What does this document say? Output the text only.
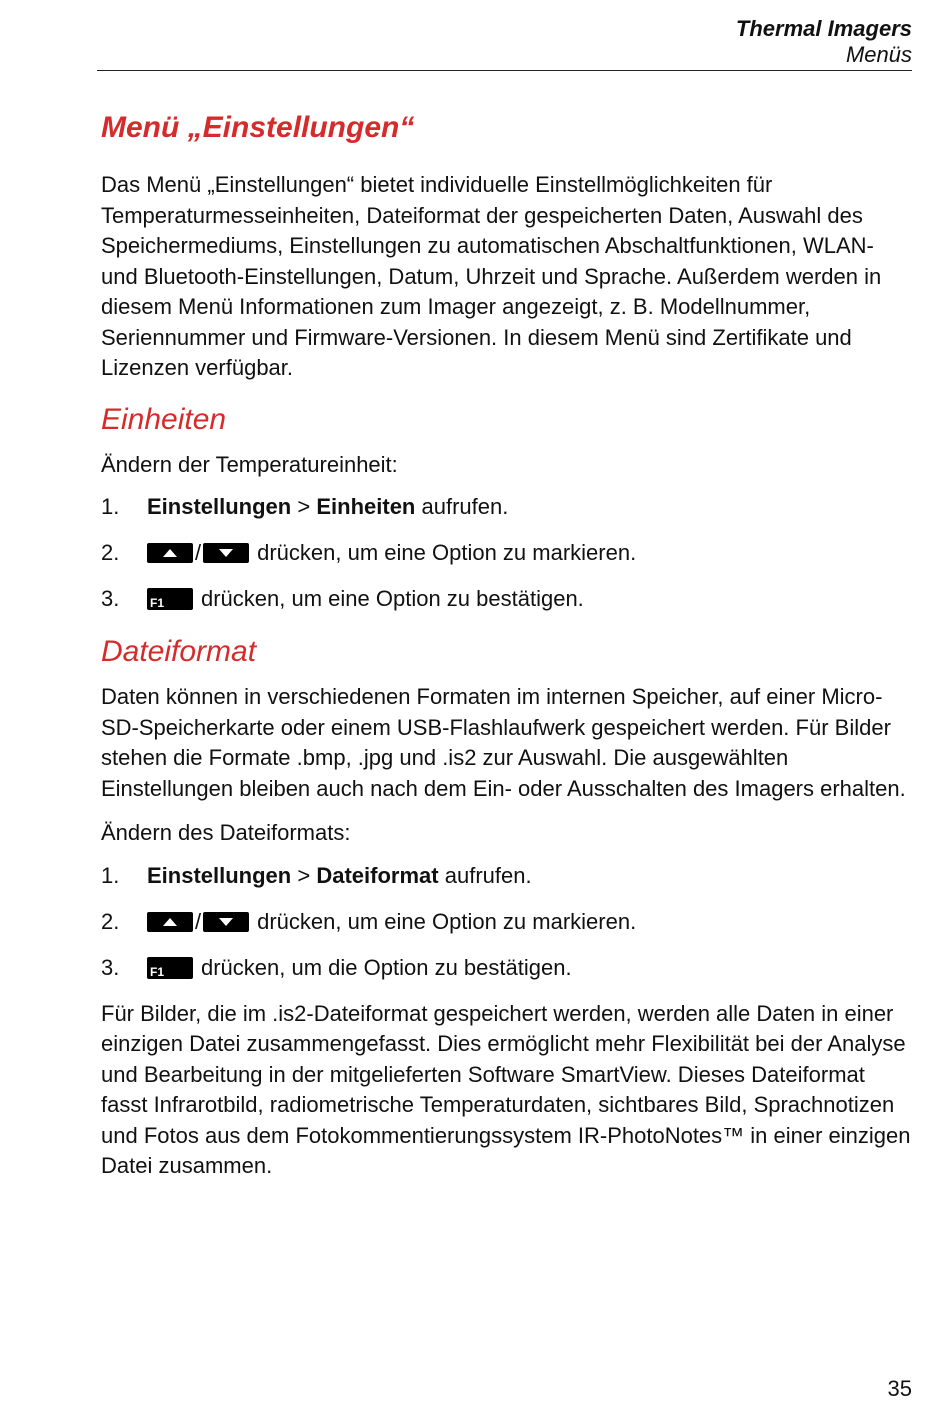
Thermal Imagers
Menüs
Menü „Einstellungen“

Das Menü „Einstellungen“ bietet individuelle Einstellmöglichkeiten für Temperaturmesseinheiten, Dateiformat der gespeicherten Daten, Auswahl des Speichermediums, Einstellungen zu automatischen Abschaltfunktionen, WLAN- und Bluetooth-Einstellungen, Datum, Uhrzeit und Sprache. Außerdem werden in diesem Menü Informationen zum Imager angezeigt, z. B. Modellnummer, Seriennummer und Firmware-Versionen. In diesem Menü sind Zertifikate und Lizenzen verfügbar.

Einheiten

Ändern der Temperatureinheit:

1.	Einstellungen > Einheiten aufrufen.
2.	/	drücken, um eine Option zu markieren.
3.	F1	drücken, um eine Option zu bestätigen.
Dateiformat

Daten können in verschiedenen Formaten im internen Speicher, auf einer Micro-SD-Speicherkarte oder einem USB-Flashlaufwerk gespeichert werden. Für Bilder stehen die Formate .bmp, .jpg und .is2 zur Auswahl. Die ausgewählten Einstellungen bleiben auch nach dem Ein- oder Ausschalten des Imagers erhalten.

Ändern des Dateiformats:

1.	Einstellungen > Dateiformat aufrufen.
2.	/	drücken, um eine Option zu markieren.
3.	F1	drücken, um die Option zu bestätigen.

Für Bilder, die im .is2-Dateiformat gespeichert werden, werden alle Daten in einer einzigen Datei zusammengefasst. Dies ermöglicht mehr Flexibilität bei der Analyse und Bearbeitung in der mitgelieferten Software SmartView. Dieses Dateiformat fasst Infrarotbild, radiometrische Temperaturdaten, sichtbares Bild, Sprachnotizen und Fotos aus dem Fotokommentierungssystem IR-PhotoNotes™ in einer einzigen Datei zusammen.

35
